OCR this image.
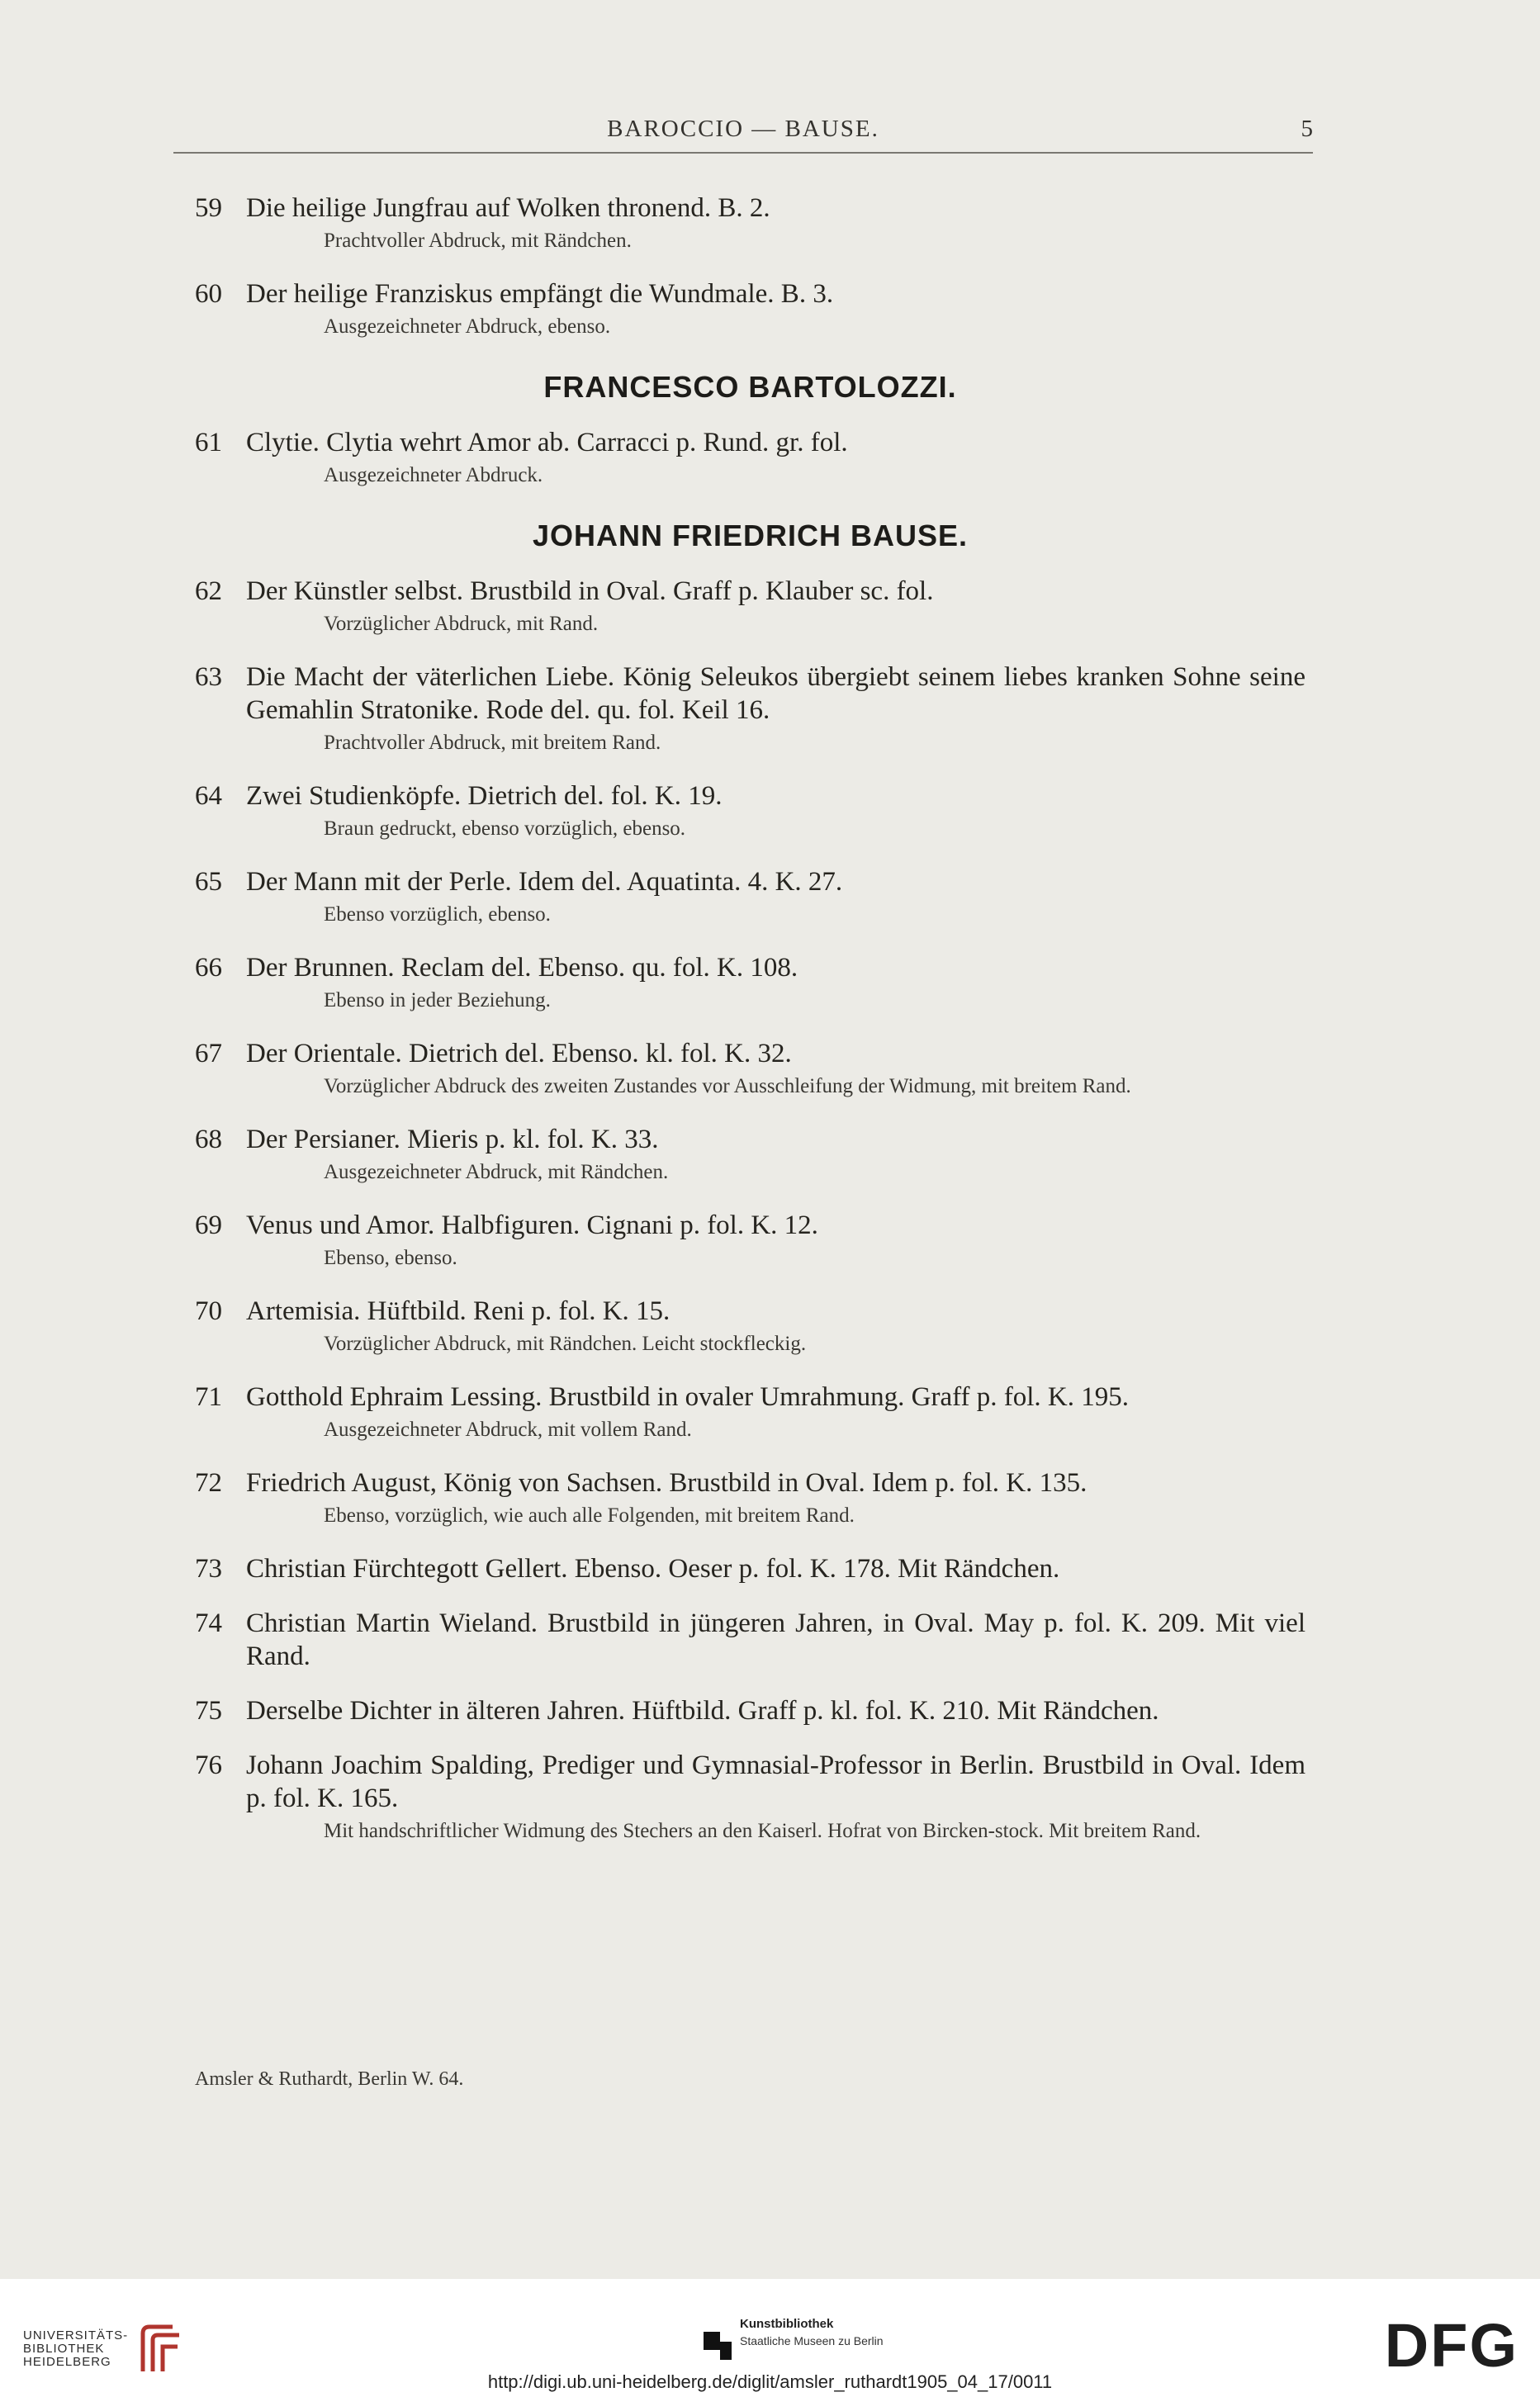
BAROCCIO — BAUSE.	5
59 Die heilige Jungfrau auf Wolken thronend. B. 2.
Prachtvoller Abdruck, mit Rändchen.
60 Der heilige Franziskus empfängt die Wundmale. B. 3.
Ausgezeichneter Abdruck, ebenso.
FRANCESCO BARTOLOZZI.
61 Clytie. Clytia wehrt Amor ab. Carracci p. Rund. gr. fol.
Ausgezeichneter Abdruck.
JOHANN FRIEDRICH BAUSE.
62 Der Künstler selbst. Brustbild in Oval. Graff p. Klauber sc. fol.
Vorzüglicher Abdruck, mit Rand.
63 Die Macht der väterlichen Liebe. König Seleukos übergiebt seinem liebes kranken Sohne seine Gemahlin Stratonike. Rode del. qu. fol. Keil 16.
Prachtvoller Abdruck, mit breitem Rand.
64 Zwei Studienköpfe. Dietrich del. fol. K. 19.
Braun gedruckt, ebenso vorzüglich, ebenso.
65 Der Mann mit der Perle. Idem del. Aquatinta. 4. K. 27.
Ebenso vorzüglich, ebenso.
66 Der Brunnen. Reclam del. Ebenso. qu. fol. K. 108.
Ebenso in jeder Beziehung.
67 Der Orientale. Dietrich del. Ebenso. kl. fol. K. 32.
Vorzüglicher Abdruck des zweiten Zustandes vor Ausschleifung der Widmung, mit breitem Rand.
68 Der Persianer. Mieris p. kl. fol. K. 33.
Ausgezeichneter Abdruck, mit Rändchen.
69 Venus und Amor. Halbfiguren. Cignani p. fol. K. 12.
Ebenso, ebenso.
70 Artemisia. Hüftbild. Reni p. fol. K. 15.
Vorzüglicher Abdruck, mit Rändchen. Leicht stockfleckig.
71 Gotthold Ephraim Lessing. Brustbild in ovaler Umrahmung. Graff p. fol. K. 195.
Ausgezeichneter Abdruck, mit vollem Rand.
72 Friedrich August, König von Sachsen. Brustbild in Oval. Idem p. fol. K. 135.
Ebenso, vorzüglich, wie auch alle Folgenden, mit breitem Rand.
73 Christian Fürchtegott Gellert. Ebenso. Oeser p. fol. K. 178. Mit Rändchen.
74 Christian Martin Wieland. Brustbild in jüngeren Jahren, in Oval. May p. fol. K. 209. Mit viel Rand.
75 Derselbe Dichter in älteren Jahren. Hüftbild. Graff p. kl. fol. K. 210. Mit Rändchen.
76 Johann Joachim Spalding, Prediger und Gymnasial-Professor in Berlin. Brustbild in Oval. Idem p. fol. K. 165.
Mit handschriftlicher Widmung des Stechers an den Kaiserl. Hofrat von Bircken-stock. Mit breitem Rand.
Amsler & Ruthardt, Berlin W. 64.
UNIVERSITÄTS-
BIBLIOTHEK
HEIDELBERG
Kunstbibliothek
Staatliche Museen zu Berlin	DFG
http://digi.ub.uni-heidelberg.de/diglit/amsler_ruthardt1905_04_17/0011
